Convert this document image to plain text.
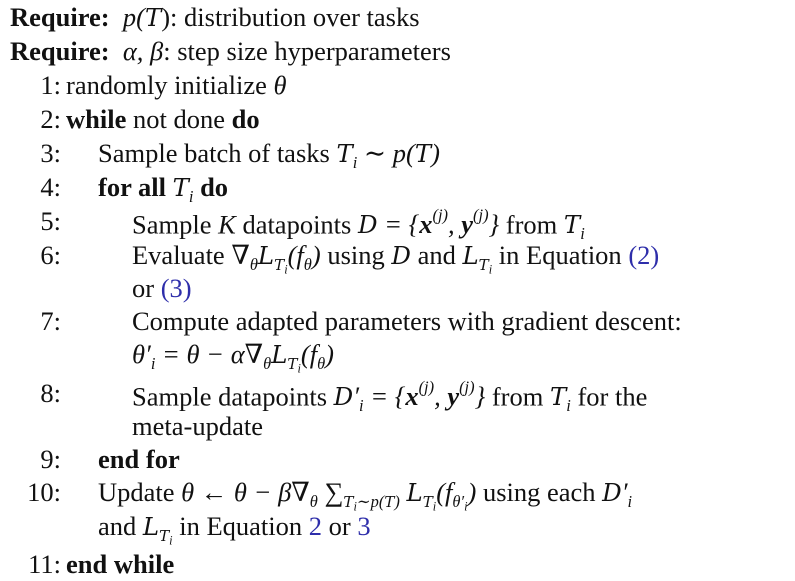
Require: p(T): distribution over tasks
Require: α, β: step size hyperparameters
1:
2:
3:
4:
5:
6:
7:
8:
9:
10:
11:
randomly initialize θ
while not done do
Sample batch of tasks $T_i$ ∼ p(T)
for all $T_i$ do
Sample K datapoints $D = \{x^{(j)}$, $y^{(j)}$} from $T_i$
Evaluate $\nabla_\theta L_{T_i}(f_\theta)$ using D and $L_{T_i}$ in Equation (2)
or (3)
Compute adapted parameters with gradient descent:
$\theta'_i = \theta - \alpha\nabla_\theta L_{T_i}(f_\theta)$
Sample datapoints $D'_i = \{x^{(j)}$, $y^{(j)}$} from $T_i$ for the
meta-update
end for
Update θ ← $\theta - \beta\nabla_\theta$ $\sum_{T_i\sim p(T)}$ $L_{T_i}(f_{\theta'_i})$ using each $D'_i$
and $L_{T_i}$ in Equation 2 or 3
end while
